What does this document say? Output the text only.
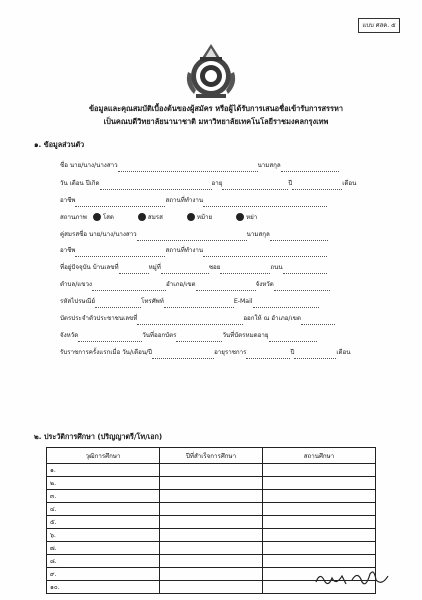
แบบ ศสค. ๕
ข้อมูลและคุณสมบัติเบื้องต้นของผู้สมัคร หรือผู้ได้รับการเสนอชื่อเข้ารับการสรรหา
เป็นคณบดีวิทยาลัยนานาชาติ มหาวิทยาลัยเทคโนโลยีราชมงคลกรุงเทพ
๑. ข้อมูลส่วนตัว
ชื่อ นาย/นาง/นางสาว	นามสกุล
วัน เดือน ปีเกิด	อายุ	ปี	เดือน
อาชีพ	สถานที่ทำงาน
สถานภาพ	โสด	สมรส	หม้าย	หย่า
คู่สมรสชื่อ นาย/นาง/นางสาว	นามสกุล
อาชีพ	สถานที่ทำงาน
ที่อยู่ปัจจุบัน บ้านเลขที่	หมู่ที่	ซอย	ถนน
ตำบล/แขวง	อำเภอ/เขต	จังหวัด
รหัสไปรษณีย์	โทรศัพท์	E-Mail
บัตรประจำตัวประชาชนเลขที่	ออกให้ ณ อำเภอ/เขต
จังหวัด	วันที่ออกบัตร	วันที่บัตรหมดอายุ
รับราชการครั้งแรกเมื่อ วัน/เดือน/ปี	อายุราชการ	ปี	เดือน
๒. ประวัติการศึกษา (ปริญญาตรี/โท/เอก)
วุฒิการศึกษา	ปีที่สำเร็จการศึกษา	สถานศึกษา
๑.		
๒.		
๓.		
๔.		
๕.		
๖.		
๗.		
๘.		
๙.		
๑๐.		
